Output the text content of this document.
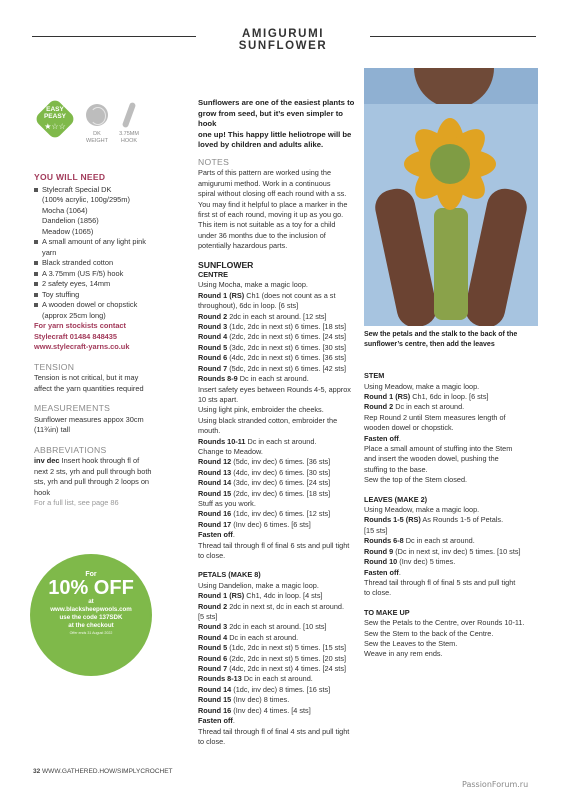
AMIGURUMI SUNFLOWER
EASY
PEASY
★☆☆
DK
WEIGHT
3.75MM
HOOK
YOU WILL NEED
Stylecraft Special DK
(100% acrylic, 100g/295m)
Mocha (1064)
Dandelion (1856)
Meadow (1065)
A small amount of any light pink
yarn
Black stranded cotton
A 3.75mm (US F/5) hook
2 safety eyes, 14mm
Toy stuffing
A wooden dowel or chopstick
(approx 25cm long)
For yarn stockists contact
Stylecraft 01484 848435
www.stylecraft-yarns.co.uk
TENSION
Tension is not critical, but it may
affect the yarn quantities required
MEASUREMENTS
Sunflower measures appox 30cm
(11¾in) tall
ABBREVIATIONS
inv dec Insert hook through fl of
next 2 sts, yrh and pull through both
sts, yrh and pull through 2 loops on
hook
For a full list, see page 86
For
10% OFF
at
www.blacksheepwools.com
use the code 137SDK
at the checkout
Offer ends 31 August 2022
Sunflowers are one of the easiest plants to
grow from seed, but it’s even simpler to hook
one up! This happy little heliotrope will be
loved by children and adults alike.
NOTES
Parts of this pattern are worked using the
amigurumi method. Work in a continuous
spiral without closing off each round with a ss.
You may find it helpful to place a marker in the
first st of each round, moving it up as you go.
This item is not suitable as a toy for a child
under 36 months due to the inclusion of
potentially hazardous parts.
SUNFLOWER
CENTRE
Using Mocha, make a magic loop.
Round 1 (RS) Ch1 (does not count as a st
throughout), 6dc in loop. [6 sts]
Round 2 2dc in each st around. [12 sts]
Round 3 (1dc, 2dc in next st) 6 times. [18 sts]
Round 4 (2dc, 2dc in next st) 6 times. [24 sts]
Round 5 (3dc, 2dc in next st) 6 times. [30 sts]
Round 6 (4dc, 2dc in next st) 6 times. [36 sts]
Round 7 (5dc, 2dc in next st) 6 times. [42 sts]
Rounds 8-9 Dc in each st around.
Insert safety eyes between Rounds 4-5, approx
10 sts apart.
Using light pink, embroider the cheeks.
Using black stranded cotton, embroider the
mouth.
Rounds 10-11 Dc in each st around.
Change to Meadow.
Round 12 (5dc, inv dec) 6 times. [36 sts]
Round 13 (4dc, inv dec) 6 times. [30 sts]
Round 14 (3dc, inv dec) 6 times. [24 sts]
Round 15 (2dc, inv dec) 6 times. [18 sts]
Stuff as you work.
Round 16 (1dc, inv dec) 6 times. [12 sts]
Round 17 (Inv dec) 6 times. [6 sts]
Fasten off.
Thread tail through fl of final 6 sts and pull tight
to close.
PETALS (MAKE 8)
Using Dandelion, make a magic loop.
Round 1 (RS) Ch1, 4dc in loop. [4 sts]
Round 2 2dc in next st, dc in each st around.
[5 sts]
Round 3 2dc in each st around. [10 sts]
Round 4 Dc in each st around.
Round 5 (1dc, 2dc in next st) 5 times. [15 sts]
Round 6 (2dc, 2dc in next st) 5 times. [20 sts]
Round 7 (4dc, 2dc in next st) 4 times. [24 sts]
Rounds 8-13 Dc in each st around.
Round 14 (1dc, inv dec) 8 times. [16 sts]
Round 15 (Inv dec) 8 times.
Round 16 (Inv dec) 4 times. [4 sts]
Fasten off.
Thread tail through fl of final 4 sts and pull tight
to close.
Sew the petals and the stalk to the back of the
sunflower’s centre, then add the leaves
STEM
Using Meadow, make a magic loop.
Round 1 (RS) Ch1, 6dc in loop. [6 sts]
Round 2 Dc in each st around.
Rep Round 2 until Stem measures length of
wooden dowel or chopstick.
Fasten off.
Place a small amount of stuffing into the Stem
and insert the wooden dowel, pushing the
stuffing to the base.
Sew the top of the Stem closed.
LEAVES (MAKE 2)
Using Meadow, make a magic loop.
Rounds 1-5 (RS) As Rounds 1-5 of Petals.
[15 sts]
Rounds 6-8 Dc in each st around.
Round 9 (Dc in next st, inv dec) 5 times. [10 sts]
Round 10 (Inv dec) 5 times.
Fasten off.
Thread tail through fl of final 5 sts and pull tight
to close.
TO MAKE UP
Sew the Petals to the Centre, over Rounds 10-11.
Sew the Stem to the back of the Centre.
Sew the Leaves to the Stem.
Weave in any rem ends.
32 WWW.GATHERED.HOW/SIMPLYCROCHET
PassionForum.ru
